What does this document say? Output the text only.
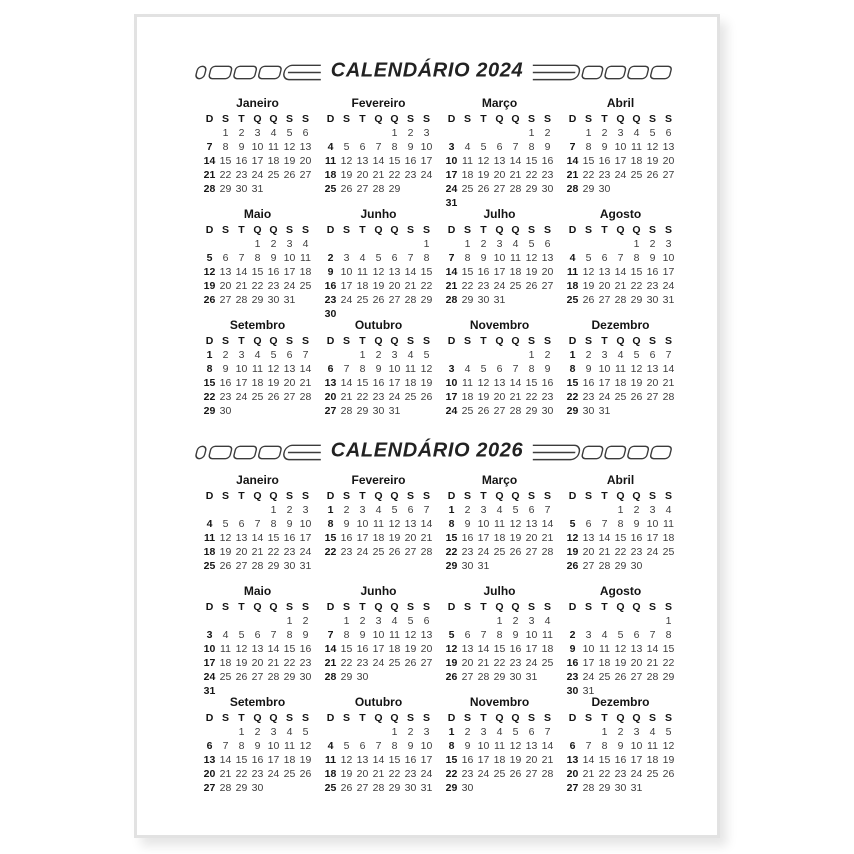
CALENDÁRIO 2024
Janeiro
D	S	T	Q	Q	S	S
	1	2	3	4	5	6
7	8	9	10	11	12	13
14	15	16	17	18	19	20
21	22	23	24	25	26	27
28	29	30	31			
Fevereiro
D	S	T	Q	Q	S	S
				1	2	3
4	5	6	7	8	9	10
11	12	13	14	15	16	17
18	19	20	21	22	23	24
25	26	27	28	29		
Março
D	S	T	Q	Q	S	S
					1	2
3	4	5	6	7	8	9
10	11	12	13	14	15	16
17	18	19	20	21	22	23
24	25	26	27	28	29	30
31						
Abril
D	S	T	Q	Q	S	S
	1	2	3	4	5	6
7	8	9	10	11	12	13
14	15	16	17	18	19	20
21	22	23	24	25	26	27
28	29	30				
Maio
D	S	T	Q	Q	S	S
			1	2	3	4
5	6	7	8	9	10	11
12	13	14	15	16	17	18
19	20	21	22	23	24	25
26	27	28	29	30	31	
Junho
D	S	T	Q	Q	S	S
						1
2	3	4	5	6	7	8
9	10	11	12	13	14	15
16	17	18	19	20	21	22
23	24	25	26	27	28	29
30						
Julho
D	S	T	Q	Q	S	S
	1	2	3	4	5	6
7	8	9	10	11	12	13
14	15	16	17	18	19	20
21	22	23	24	25	26	27
28	29	30	31			
Agosto
D	S	T	Q	Q	S	S
				1	2	3
4	5	6	7	8	9	10
11	12	13	14	15	16	17
18	19	20	21	22	23	24
25	26	27	28	29	30	31
Setembro
D	S	T	Q	Q	S	S
1	2	3	4	5	6	7
8	9	10	11	12	13	14
15	16	17	18	19	20	21
22	23	24	25	26	27	28
29	30					
Outubro
D	S	T	Q	Q	S	S
		1	2	3	4	5
6	7	8	9	10	11	12
13	14	15	16	17	18	19
20	21	22	23	24	25	26
27	28	29	30	31		
Novembro
D	S	T	Q	Q	S	S
					1	2
3	4	5	6	7	8	9
10	11	12	13	14	15	16
17	18	19	20	21	22	23
24	25	26	27	28	29	30
Dezembro
D	S	T	Q	Q	S	S
1	2	3	4	5	6	7
8	9	10	11	12	13	14
15	16	17	18	19	20	21
22	23	24	25	26	27	28
29	30	31				
CALENDÁRIO 2026
Janeiro
D	S	T	Q	Q	S	S
				1	2	3
4	5	6	7	8	9	10
11	12	13	14	15	16	17
18	19	20	21	22	23	24
25	26	27	28	29	30	31
Fevereiro
D	S	T	Q	Q	S	S
1	2	3	4	5	6	7
8	9	10	11	12	13	14
15	16	17	18	19	20	21
22	23	24	25	26	27	28
Março
D	S	T	Q	Q	S	S
1	2	3	4	5	6	7
8	9	10	11	12	13	14
15	16	17	18	19	20	21
22	23	24	25	26	27	28
29	30	31				
Abril
D	S	T	Q	Q	S	S
			1	2	3	4
5	6	7	8	9	10	11
12	13	14	15	16	17	18
19	20	21	22	23	24	25
26	27	28	29	30		
Maio
D	S	T	Q	Q	S	S
					1	2
3	4	5	6	7	8	9
10	11	12	13	14	15	16
17	18	19	20	21	22	23
24	25	26	27	28	29	30
31						
Junho
D	S	T	Q	Q	S	S
	1	2	3	4	5	6
7	8	9	10	11	12	13
14	15	16	17	18	19	20
21	22	23	24	25	26	27
28	29	30				
Julho
D	S	T	Q	Q	S	S
			1	2	3	4
5	6	7	8	9	10	11
12	13	14	15	16	17	18
19	20	21	22	23	24	25
26	27	28	29	30	31	
Agosto
D	S	T	Q	Q	S	S
						1
2	3	4	5	6	7	8
9	10	11	12	13	14	15
16	17	18	19	20	21	22
23	24	25	26	27	28	29
30	31					
Setembro
D	S	T	Q	Q	S	S
		1	2	3	4	5
6	7	8	9	10	11	12
13	14	15	16	17	18	19
20	21	22	23	24	25	26
27	28	29	30			
Outubro
D	S	T	Q	Q	S	S
				1	2	3
4	5	6	7	8	9	10
11	12	13	14	15	16	17
18	19	20	21	22	23	24
25	26	27	28	29	30	31
Novembro
D	S	T	Q	Q	S	S
1	2	3	4	5	6	7
8	9	10	11	12	13	14
15	16	17	18	19	20	21
22	23	24	25	26	27	28
29	30					
Dezembro
D	S	T	Q	Q	S	S
		1	2	3	4	5
6	7	8	9	10	11	12
13	14	15	16	17	18	19
20	21	22	23	24	25	26
27	28	29	30	31		
